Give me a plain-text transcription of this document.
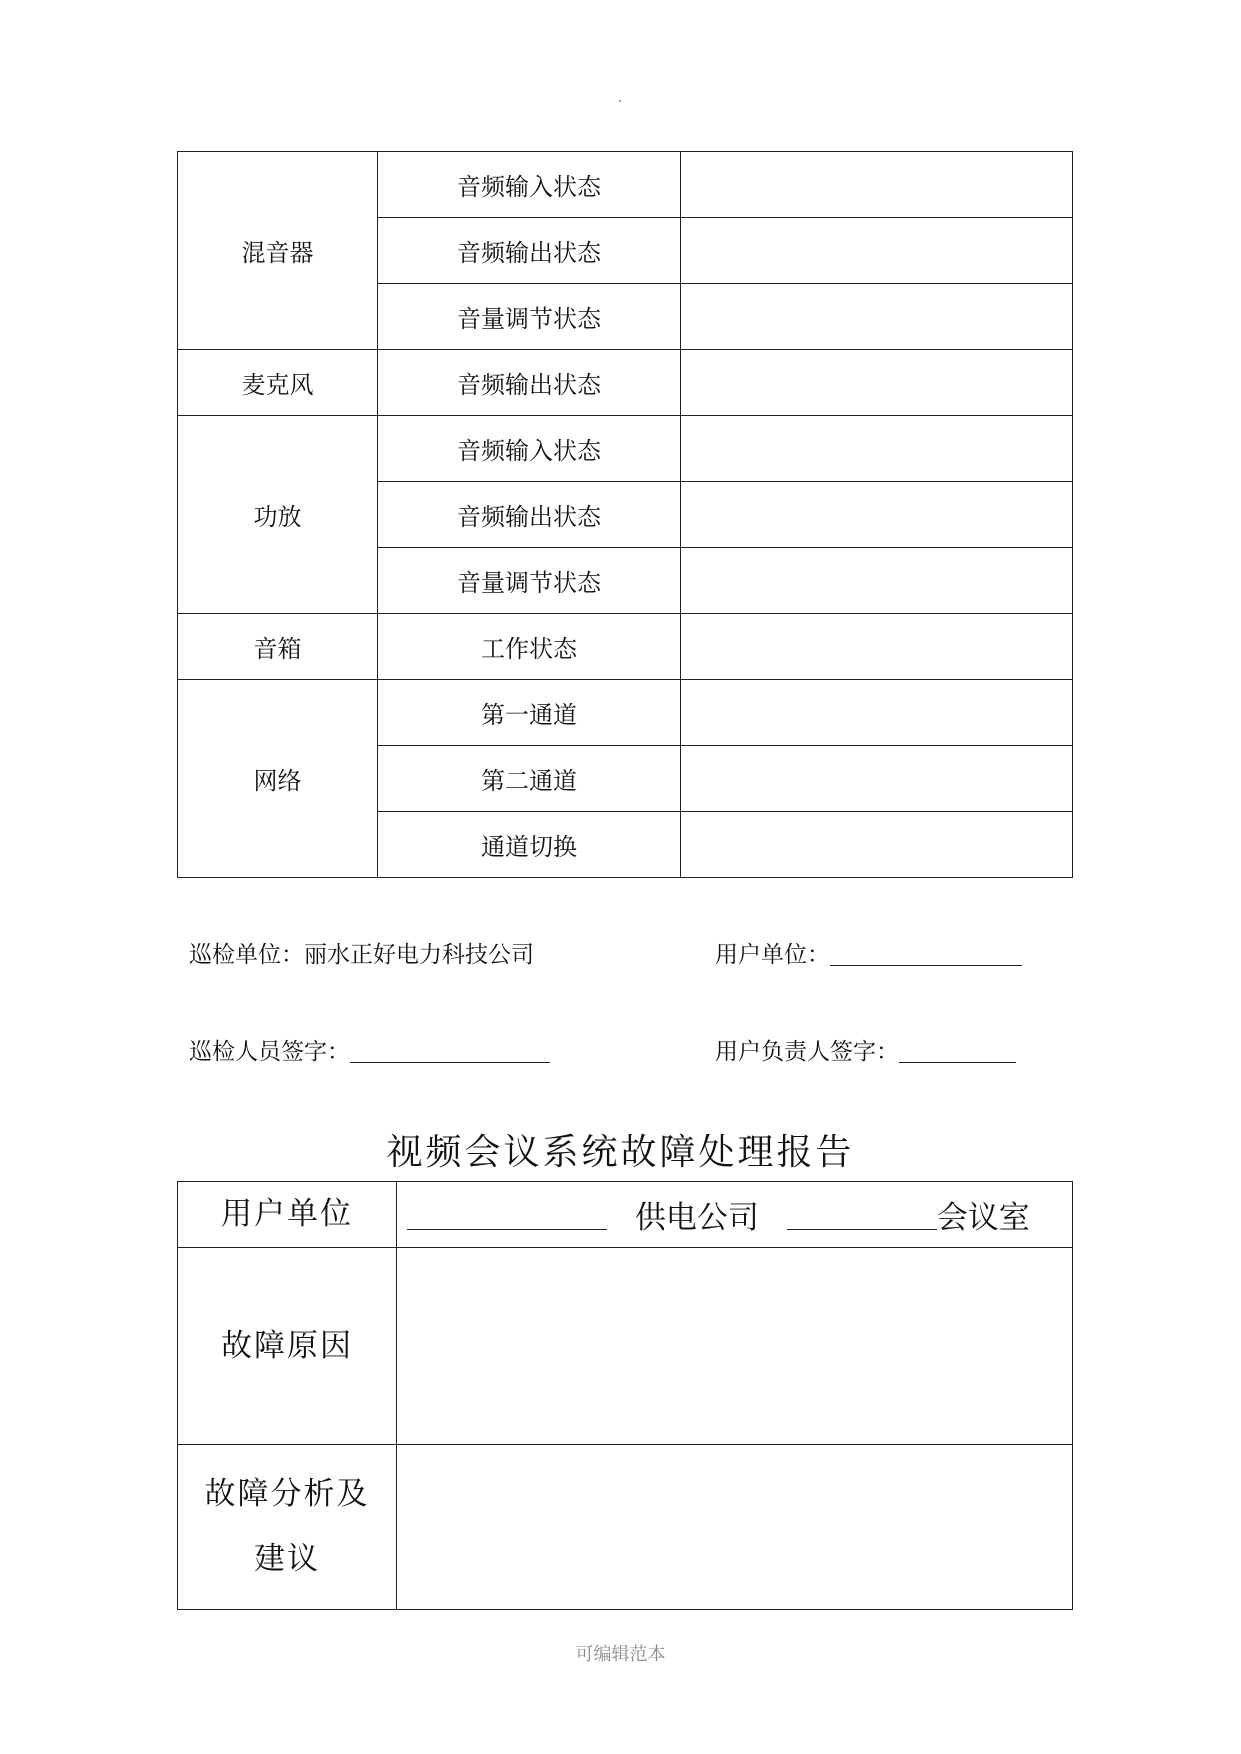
混音器	音频输入状态	
	音频输出状态	
	音量调节状态	
麦克风	音频输出状态	
功放	音频输入状态	
	音频输出状态	
	音量调节状态	
音箱	工作状态	
网络	第一通道	
	第二通道	
	通道切换	
巡检单位：丽水正好电力科技公司	用户单位：
巡检人员签字：	用户负责人签字：
视频会议系统故障处理报告
用户单位	供电公司 会议室
故障原因	

故障分析及
建议	

可编辑范本
